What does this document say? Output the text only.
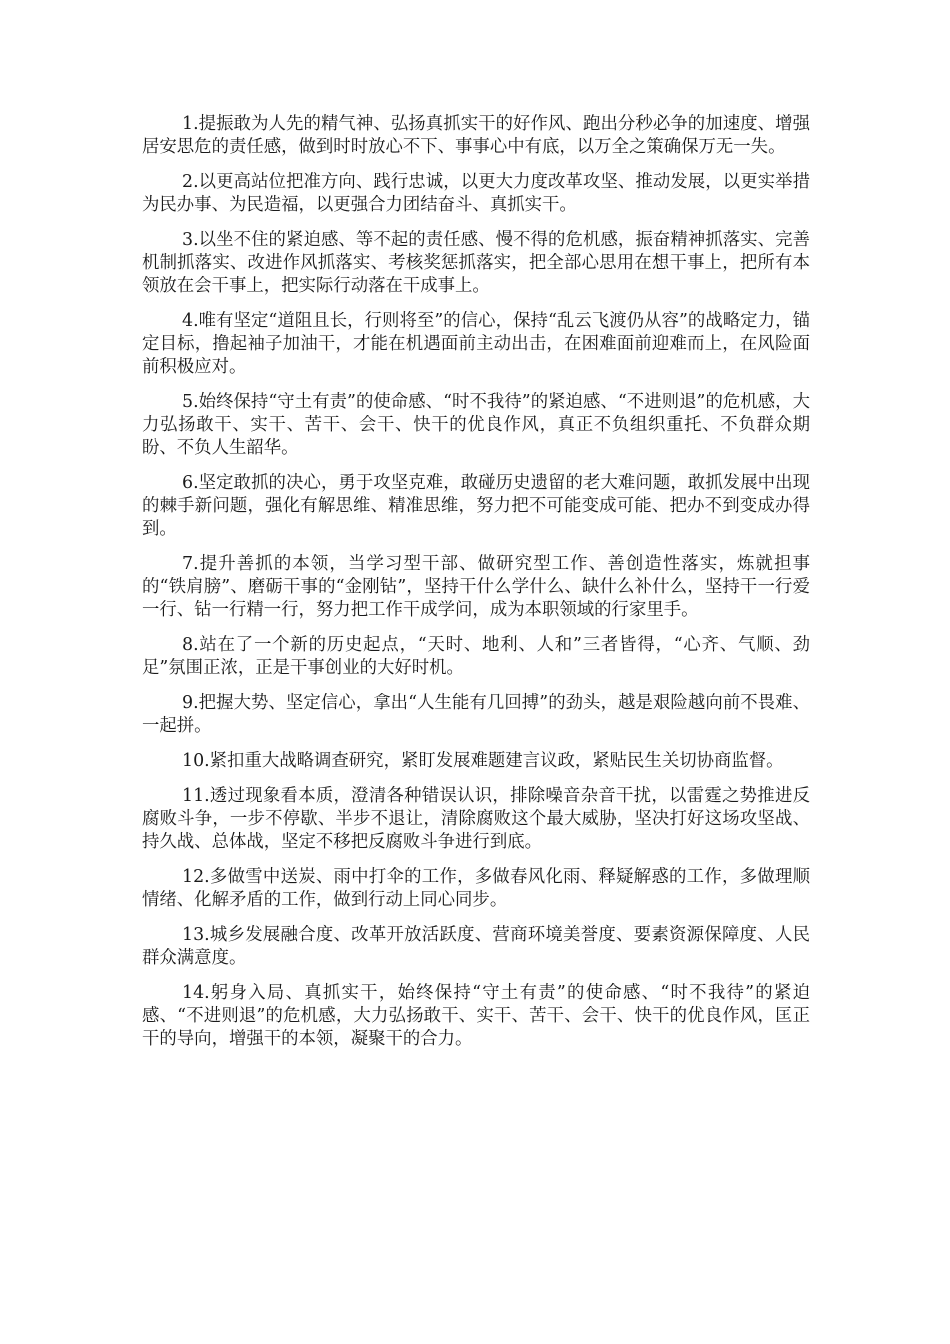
1.提振敢为人先的精气神、弘扬真抓实干的好作风、跑出分秒必争的加速度、增强居安思危的责任感，做到时时放心不下、事事心中有底，以万全之策确保万无一失。

2.以更高站位把准方向、践行忠诚，以更大力度改革攻坚、推动发展，以更实举措为民办事、为民造福，以更强合力团结奋斗、真抓实干。

3.以坐不住的紧迫感、等不起的责任感、慢不得的危机感，振奋精神抓落实、完善机制抓落实、改进作风抓落实、考核奖惩抓落实，把全部心思用在想干事上，把所有本领放在会干事上，把实际行动落在干成事上。

4.唯有坚定“道阻且长，行则将至”的信心，保持“乱云飞渡仍从容”的战略定力，锚定目标，撸起袖子加油干，才能在机遇面前主动出击，在困难面前迎难而上，在风险面前积极应对。

5.始终保持“守土有责”的使命感、“时不我待”的紧迫感、“不进则退”的危机感，大力弘扬敢干、实干、苦干、会干、快干的优良作风，真正不负组织重托、不负群众期盼、不负人生韶华。

6.坚定敢抓的决心，勇于攻坚克难，敢碰历史遗留的老大难问题，敢抓发展中出现的棘手新问题，强化有解思维、精准思维，努力把不可能变成可能、把办不到变成办得到。

7.提升善抓的本领，当学习型干部、做研究型工作、善创造性落实，炼就担事的“铁肩膀”、磨砺干事的“金刚钻”，坚持干什么学什么、缺什么补什么，坚持干一行爱一行、钻一行精一行，努力把工作干成学问，成为本职领域的行家里手。

8.站在了一个新的历史起点，“天时、地利、人和”三者皆得，“心齐、气顺、劲足”氛围正浓，正是干事创业的大好时机。

9.把握大势、坚定信心，拿出“人生能有几回搏”的劲头，越是艰险越向前不畏难、一起拼。

10.紧扣重大战略调查研究，紧盯发展难题建言议政，紧贴民生关切协商监督。

11.透过现象看本质，澄清各种错误认识，排除噪音杂音干扰，以雷霆之势推进反腐败斗争，一步不停歇、半步不退让，清除腐败这个最大威胁，坚决打好这场攻坚战、持久战、总体战，坚定不移把反腐败斗争进行到底。

12.多做雪中送炭、雨中打伞的工作，多做春风化雨、释疑解惑的工作，多做理顺情绪、化解矛盾的工作，做到行动上同心同步。

13.城乡发展融合度、改革开放活跃度、营商环境美誉度、要素资源保障度、人民群众满意度。

14.躬身入局、真抓实干，始终保持“守土有责”的使命感、“时不我待”的紧迫感、“不进则退”的危机感，大力弘扬敢干、实干、苦干、会干、快干的优良作风，匡正干的导向，增强干的本领，凝聚干的合力。
